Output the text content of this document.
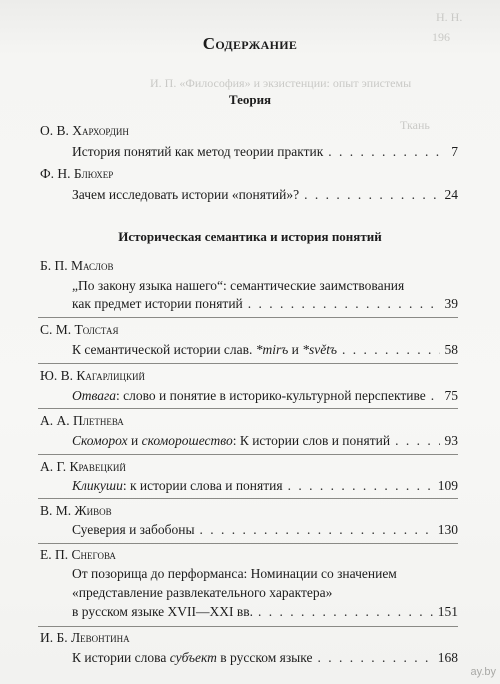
Н. Н.
196
И. П. «Философия» и экзистенции: опыт эпистемы
Ткань
Содержание
Теория
О. В. Хархордин
История понятий как метод теории практик . . .	7
Ф. Н. Блюхер
Зачем исследовать истории «понятий»? . . .	24
Историческая семантика и история понятий
Б. П. Маслов
„По закону языка нашего“: семантические заимствования
как предмет истории понятий . . .	39
С. М. Толстая
К семантической истории слав. *mirъ и *světъ . . .	58
Ю. В. Кагарлицкий
Отвага: слово и понятие в историко-культурной перспективе . . . 75
А. А. Плетнева
Скоморох и скоморошество: К истории слов и понятий . . .	93
А. Г. Кравецкий
Кликуши: к истории слова и понятия . . .	109
В. М. Живов
Суеверия и забобоны . . .	130
Е. П. Снегова
От позорища до перформанса: Номинации со значением
«представление развлекательного характера»
в русском языке XVII—XXI вв. . . .	151
И. Б. Левонтина
К истории слова субъект в русском языке . . .	168
ay.by
